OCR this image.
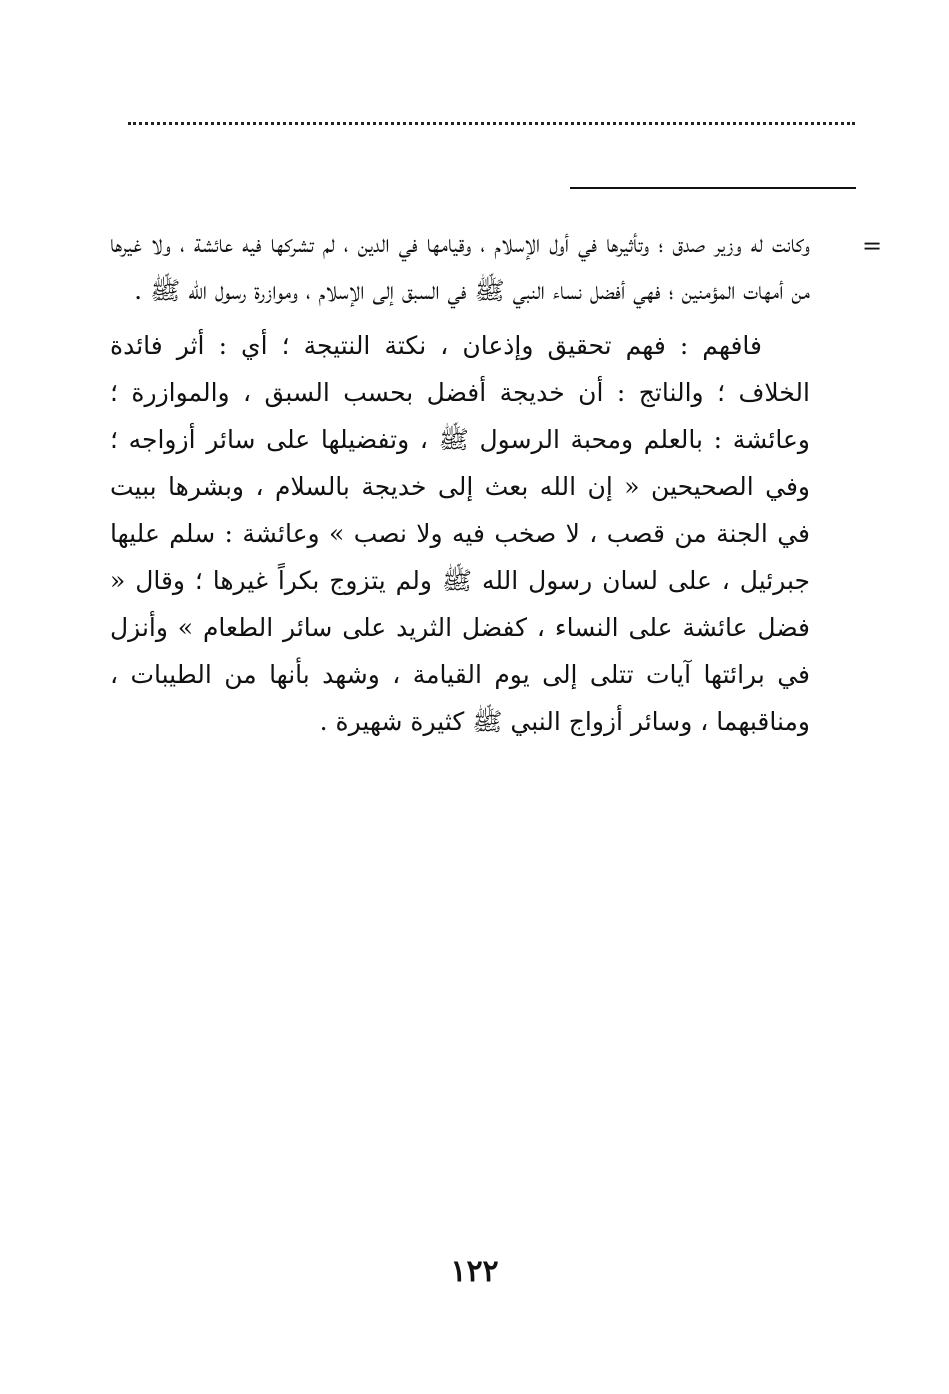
=

وكانت له وزير صدق ؛ وتأثيرها في أول الإسلام ، وقيامها في الدين ، لم تشركها فيه عائشة ، ولا غيرها من أمهات المؤمنين ؛ فهي أفضل نساء النبي ﷺ في السبق إلى الإسلام ، وموازرة رسول الله ﷺ .

فافهم : فهم تحقيق وإذعان ، نكتة النتيجة ؛ أي : أثر فائدة الخلاف ؛ والناتج : أن خديجة أفضل بحسب السبق ، والموازرة ؛ وعائشة : بالعلم ومحبة الرسول ﷺ ، وتفضيلها على سائر أزواجه ؛ وفي الصحيحين « إن الله بعث إلى خديجة بالسلام ، وبشرها ببيت في الجنة من قصب ، لا صخب فيه ولا نصب » وعائشة : سلم عليها جبرئيل ، على لسان رسول الله ﷺ ولم يتزوج بكراً غيرها ؛ وقال « فضل عائشة على النساء ، كفضل الثريد على سائر الطعام » وأنزل في برائتها آيات تتلى إلى يوم القيامة ، وشهد بأنها من الطيبات ، ومناقبهما ، وسائر أزواج النبي ﷺ كثيرة شهيرة .

١٢٢
